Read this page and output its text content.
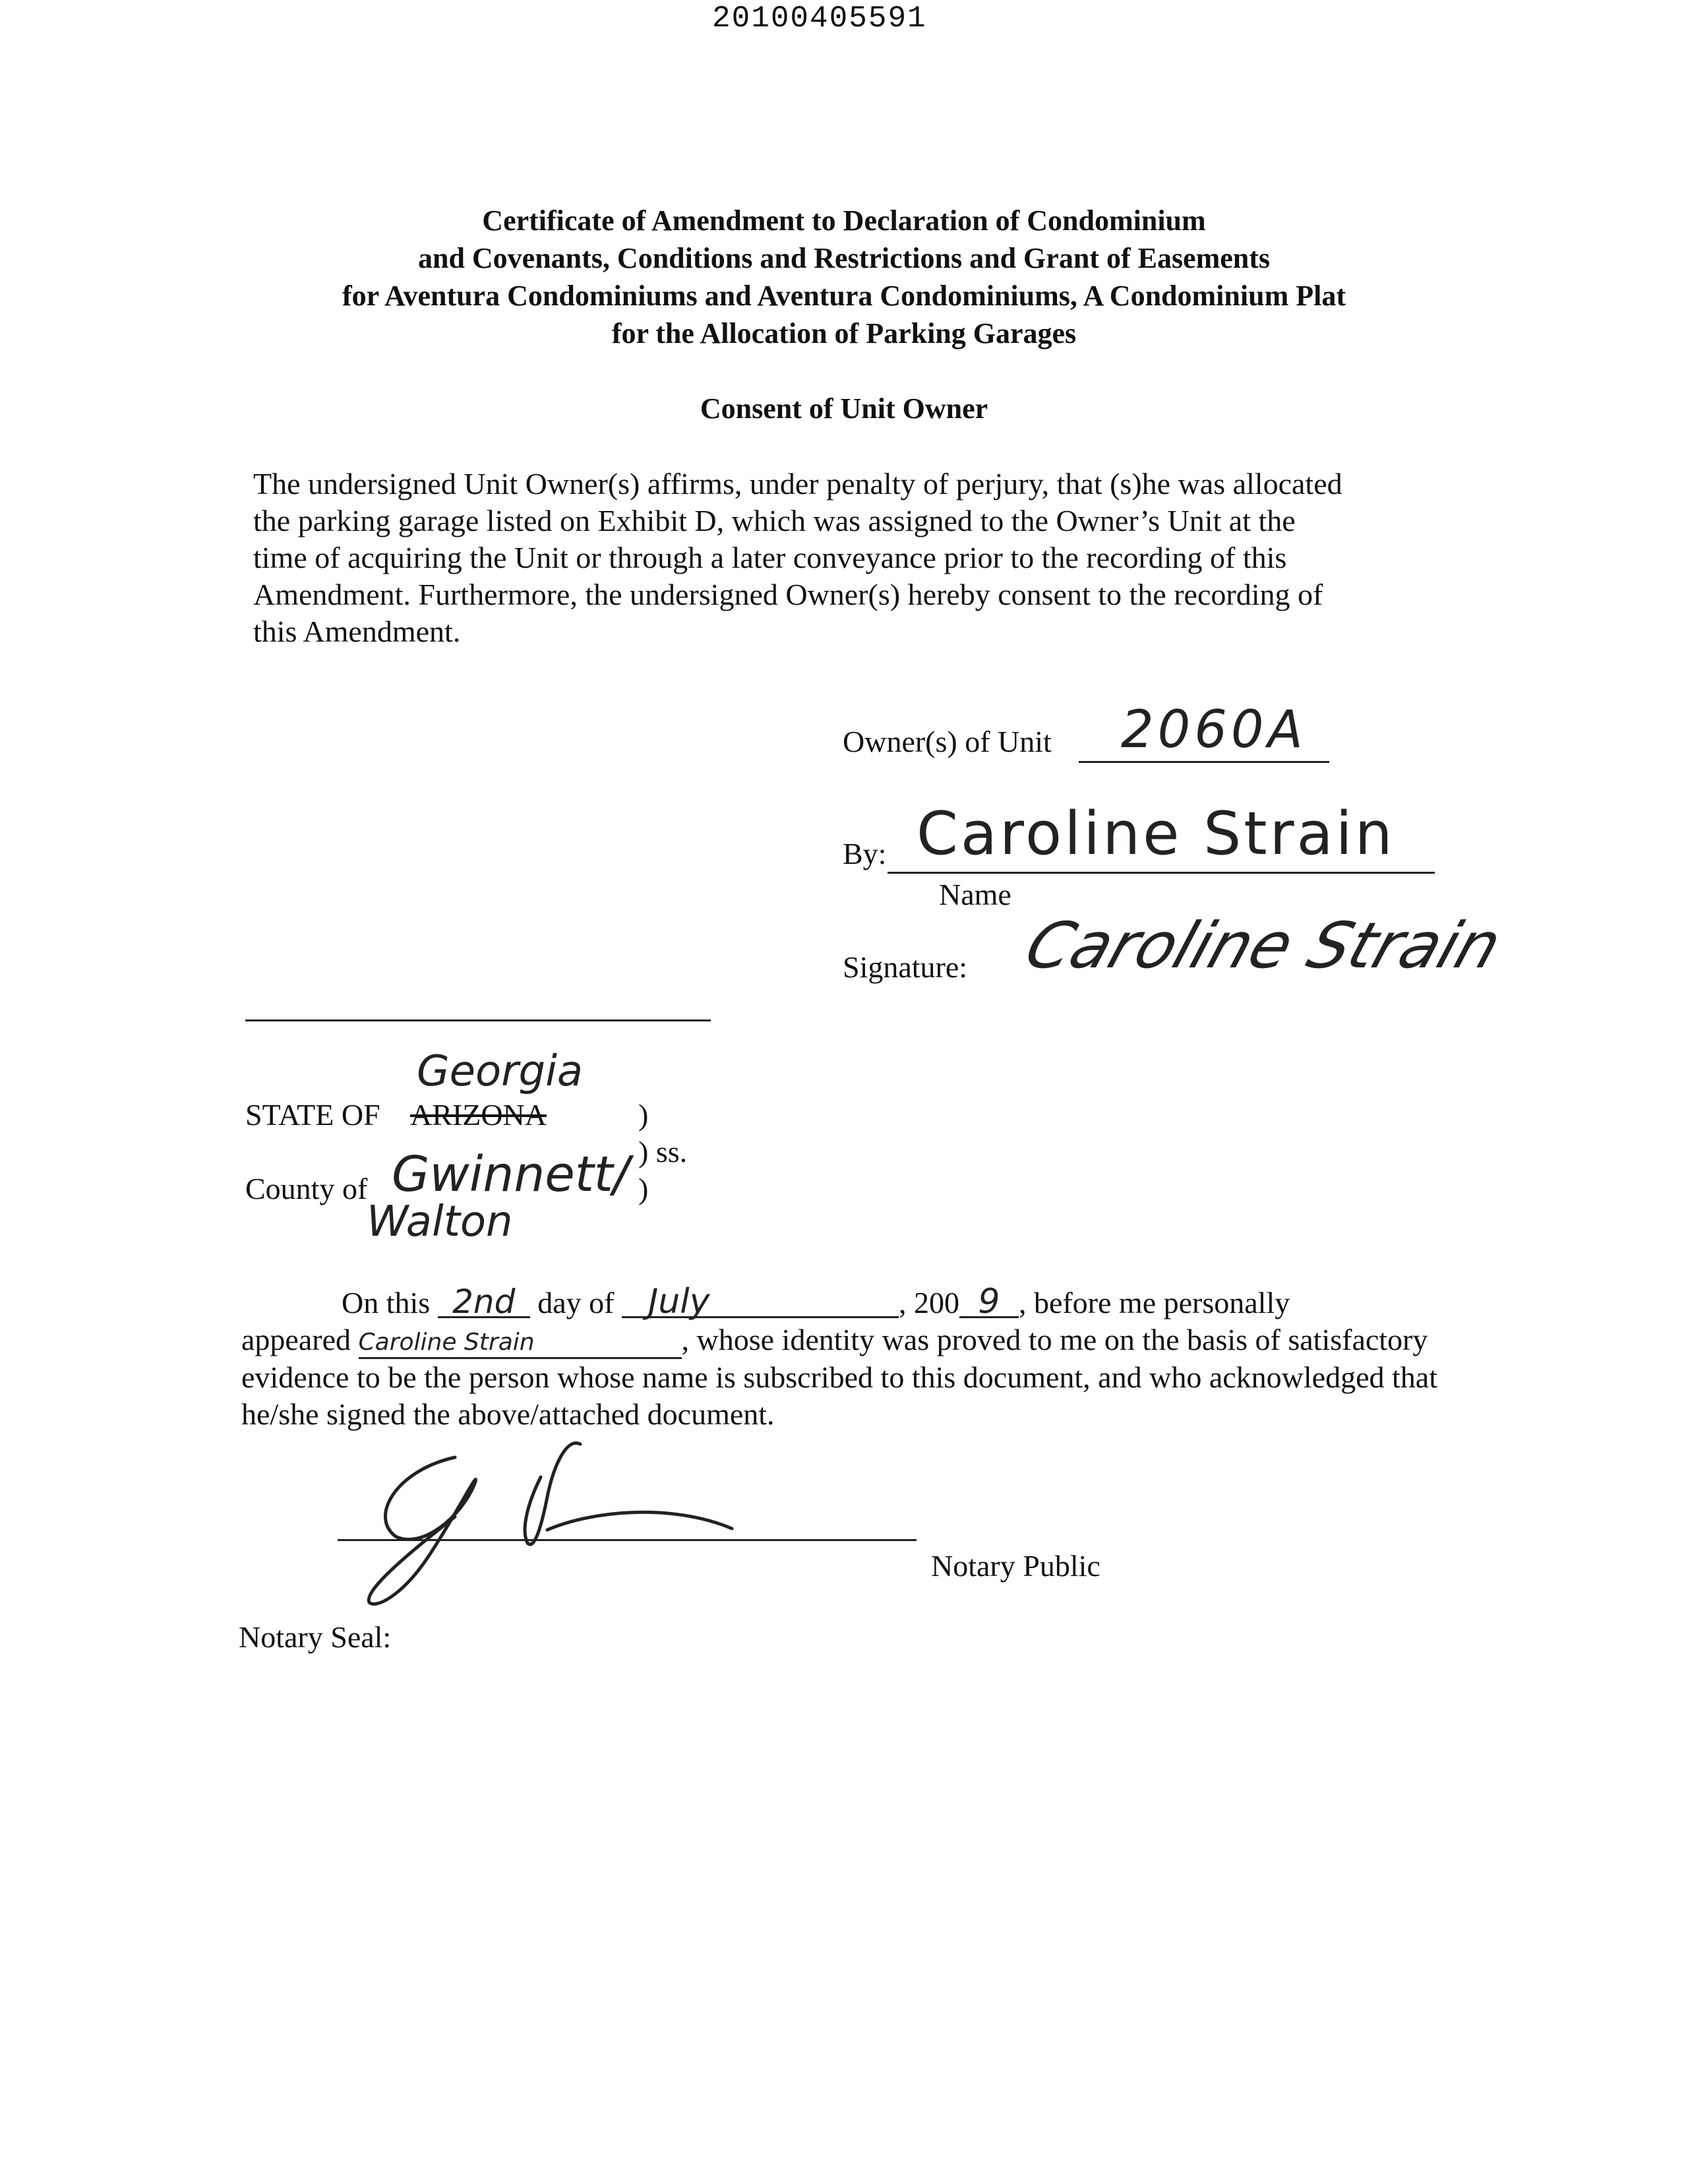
20100405591
Certificate of Amendment to Declaration of Condominium
and Covenants, Conditions and Restrictions and Grant of Easements
for Aventura Condominiums and Aventura Condominiums, A Condominium Plat
for the Allocation of Parking Garages
Consent of Unit Owner
The undersigned Unit Owner(s) affirms, under penalty of perjury, that (s)he was allocated
the parking garage listed on Exhibit D, which was assigned to the Owner’s Unit at the
time of acquiring the Unit or through a later conveyance prior to the recording of this
Amendment. Furthermore, the undersigned Owner(s) hereby consent to the recording of
this Amendment.
Owner(s) of Unit 2060A
By: Caroline Strain
Name
Signature: Caroline Strain
Georgia
STATE OF ARIZONA	)
) ss.
County of Gwinnett/
Walton
)
On this 2nd day of July	, 200 9 , before me personally
appeared Caroline Strain	, whose identity was proved to me on the basis of satisfactory evidence to be the person whose name is subscribed to this document, and who acknowledged that he/she signed the above/attached document.
Notary Public
Notary Seal:
